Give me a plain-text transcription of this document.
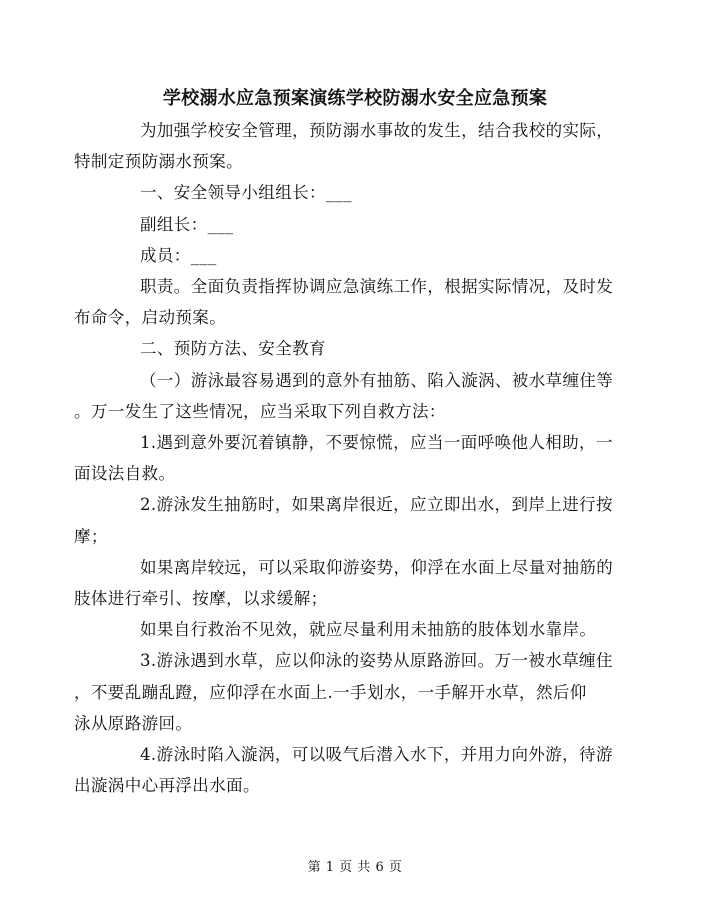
学校溺水应急预案演练学校防溺水安全应急预案

为加强学校安全管理，预防溺水事故的发生，结合我校的实际，
特制定预防溺水预案。

一、安全领导小组组长：___

副组长：___

成员：___

职责。全面负责指挥协调应急演练工作，根据实际情况，及时发
布命令，启动预案。

二、预防方法、安全教育

（一）游泳最容易遇到的意外有抽筋、陷入漩涡、被水草缠住等
。万一发生了这些情况，应当采取下列自救方法：

1.遇到意外要沉着镇静，不要惊慌，应当一面呼唤他人相助，一
面设法自救。

2.游泳发生抽筋时，如果离岸很近，应立即出水，到岸上进行按
摩；

如果离岸较远，可以采取仰游姿势，仰浮在水面上尽量对抽筋的
肢体进行牵引、按摩，以求缓解；

如果自行救治不见效，就应尽量利用未抽筋的肢体划水靠岸。

3.游泳遇到水草，应以仰泳的姿势从原路游回。万一被水草缠住
，不要乱蹦乱蹬，应仰浮在水面上.一手划水，一手解开水草，然后仰
泳从原路游回。

4.游泳时陷入漩涡，可以吸气后潜入水下，并用力向外游，待游
出漩涡中心再浮出水面。

第 1 页 共 6 页
